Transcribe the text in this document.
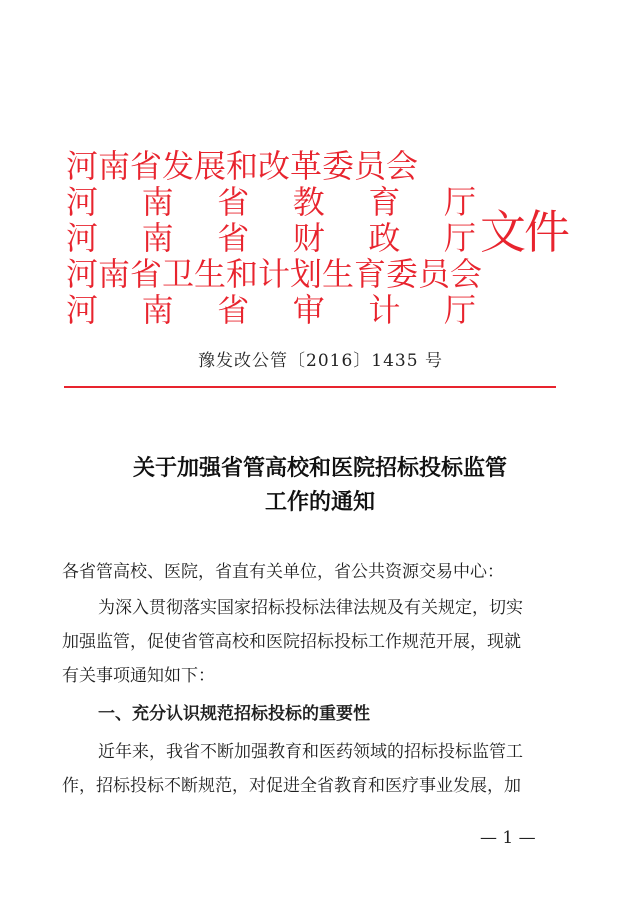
河南省发展和改革委员会
河 南 省 教 育 厅
河 南 省 财 政 厅
河南省卫生和计划生育委员会
河 南 省 审 计 厅
文件
豫发改公管〔2016〕1435 号
关于加强省管高校和医院招标投标监管
工作的通知
各省管高校、医院，省直有关单位，省公共资源交易中心：
为深入贯彻落实国家招标投标法律法规及有关规定，切实
加强监管，促使省管高校和医院招标投标工作规范开展，现就
有关事项通知如下：
一、充分认识规范招标投标的重要性
近年来，我省不断加强教育和医药领域的招标投标监管工
作，招标投标不断规范，对促进全省教育和医疗事业发展，加
— 1 —
